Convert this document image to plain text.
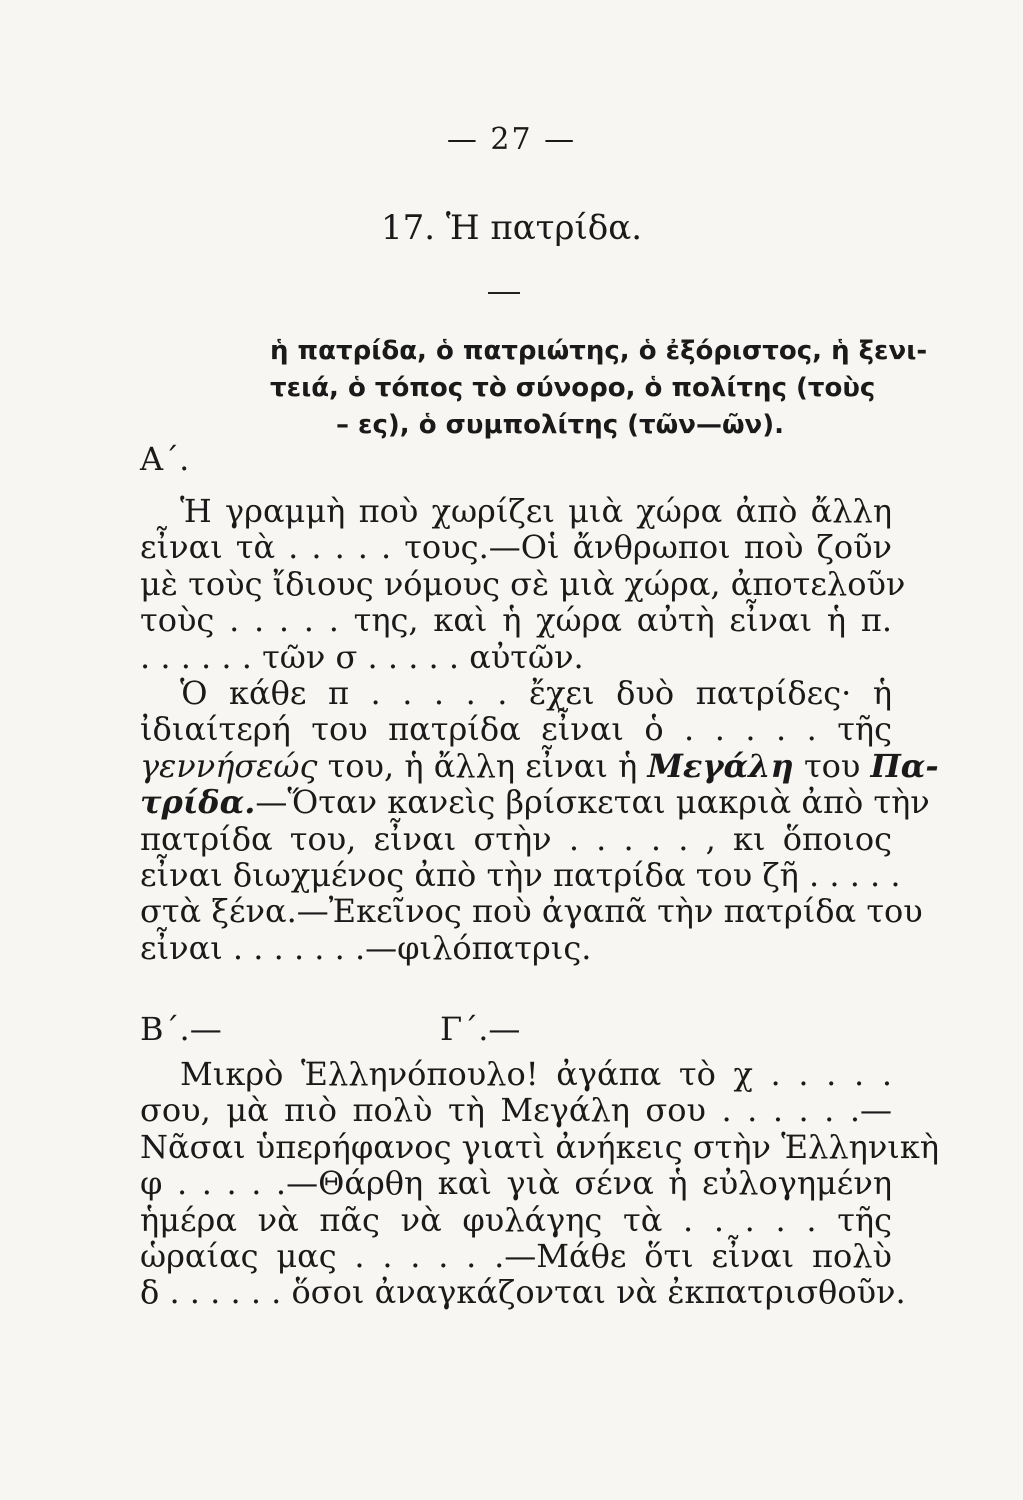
— 27 —
17. Ἡ πατρίδα.
ἡ πατρίδα, ὁ πατριώτης, ὁ ἐξόριστος, ἡ ξενι-
τειά, ὁ τόπος τὸ σύνορο, ὁ πολίτης (τοὺς
– ες), ὁ συμπολίτης (τῶν—ῶν).
Α΄.
Ἡ γραμμὴ ποὺ χωρίζει μιὰ χώρα ἀπὸ ἄλλη
εἶναι τὰ . . . . . τους.—Οἱ ἄνθρωποι ποὺ ζοῦν
μὲ τοὺς ἴδιους νόμους σὲ μιὰ χώρα, ἀποτελοῦν
τοὺς . . . . . της, καὶ ἡ χώρα αὐτὴ εἶναι ἡ π.
. . . . . . τῶν σ . . . . . αὐτῶν.
Ὁ κάθε π . . . . . ἔχει δυὸ πατρίδες· ἡ
ἰδιαίτερή του πατρίδα εἶναι ὁ . . . . . τῆς
γεννήσεώς του, ἡ ἄλλη εἶναι ἡ Μεγάλη του Πα-
τρίδα.—Ὅταν κανεὶς βρίσκεται μακριὰ ἀπὸ τὴν
πατρίδα του, εἶναι στὴν . . . . . , κι ὅποιος
εἶναι διωχμένος ἀπὸ τὴν πατρίδα του ζῆ . . . . .
στὰ ξένα.—Ἐκεῖνος ποὺ ἀγαπᾶ τὴν πατρίδα του
εἶναι . . . . . . .—φιλόπατρις.
Β΄.—	Γ΄.—
Μικρὸ Ἑλληνόπουλο! ἀγάπα τὸ χ . . . . .
σου, μὰ πιὸ πολὺ τὴ Μεγάλη σου . . . . . .—
Νᾶσαι ὑπερήφανος γιατὶ ἀνήκεις στὴν Ἑλληνικὴ
φ . . . . .—Θάρθη καὶ γιὰ σένα ἡ εὐλογημένη
ἡμέρα νὰ πᾶς νὰ φυλάγης τὰ . . . . . τῆς
ὡραίας μας . . . . . .—Μάθε ὅτι εἶναι πολὺ
δ . . . . . . ὅσοι ἀναγκάζονται νὰ ἐκπατρισθοῦν.
